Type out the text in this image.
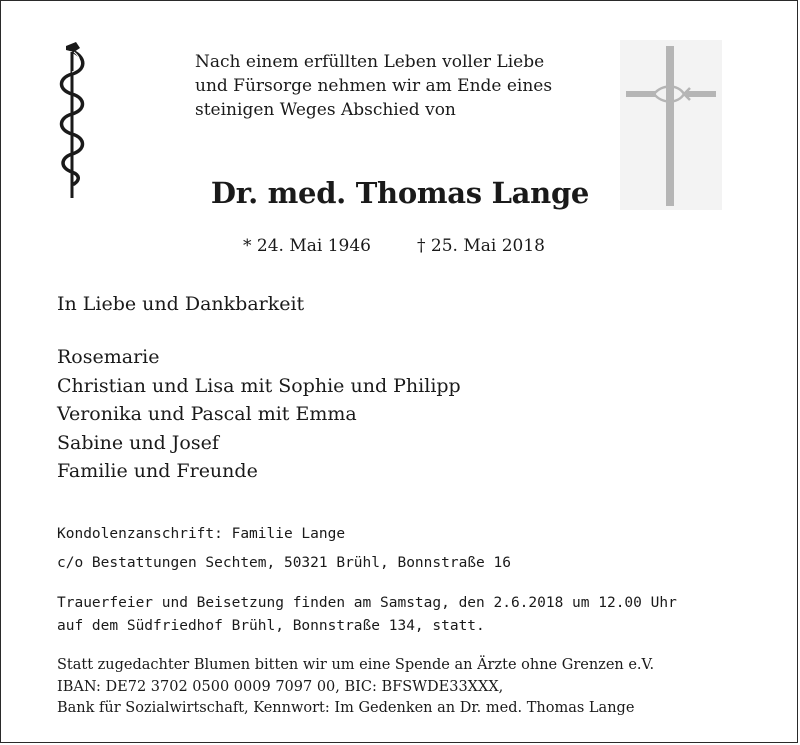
Nach einem erfüllten Leben voller Liebe
und Fürsorge nehmen wir am Ende eines
steinigen Weges Abschied von
Dr. med. Thomas Lange
* 24. Mai 1946	† 25. Mai 2018
In Liebe und Dankbarkeit
Rosemarie
Christian und Lisa mit Sophie und Philipp
Veronika und Pascal mit Emma
Sabine und Josef
Familie und Freunde
Kondolenzanschrift: Familie Lange
c/o Bestattungen Sechtem, 50321 Brühl, Bonnstraße 16
Trauerfeier und Beisetzung finden am Samstag, den 2.6.2018 um 12.00 Uhr
auf dem Südfriedhof Brühl, Bonnstraße 134, statt.
Statt zugedachter Blumen bitten wir um eine Spende an Ärzte ohne Grenzen e.V.
IBAN: DE72 3702 0500 0009 7097 00, BIC: BFSWDE33XXX,
Bank für Sozialwirtschaft, Kennwort: Im Gedenken an Dr. med. Thomas Lange
